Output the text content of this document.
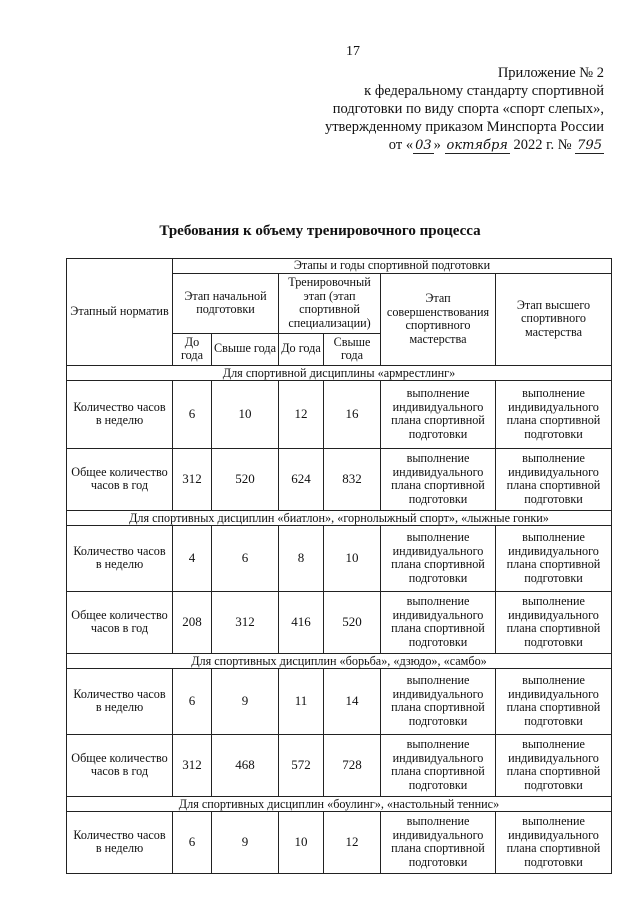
17
Приложение № 2
к федеральному стандарту спортивной
подготовки по виду спорта «спорт слепых»,
утвержденному приказом Минспорта России
от « 03 » октября 2022 г. № 795
Требования к объему тренировочного процесса
Этапный норматив	Этапы и годы спортивной подготовки					
	Этап начальной подготовки		Тренировочный этап (этап спортивной специализации)		Этап совершенствования спортивного мастерства	Этап высшего спортивного мастерства
	До года	Свыше года	До года	Свыше года		
Для спортивной дисциплины «армрестлинг»						
Количество часов в неделю	6	10	12	16	выполнение индивидуального плана спортивной подготовки	выполнение индивидуального плана спортивной подготовки
Общее количество часов в год	312	520	624	832	выполнение индивидуального плана спортивной подготовки	выполнение индивидуального плана спортивной подготовки
Для спортивных дисциплин «биатлон», «горнолыжный спорт», «лыжные гонки»						
Количество часов в неделю	4	6	8	10	выполнение индивидуального плана спортивной подготовки	выполнение индивидуального плана спортивной подготовки
Общее количество часов в год	208	312	416	520	выполнение индивидуального плана спортивной подготовки	выполнение индивидуального плана спортивной подготовки
Для спортивных дисциплин «борьба», «дзюдо», «самбо»						
Количество часов в неделю	6	9	11	14	выполнение индивидуального плана спортивной подготовки	выполнение индивидуального плана спортивной подготовки
Общее количество часов в год	312	468	572	728	выполнение индивидуального плана спортивной подготовки	выполнение индивидуального плана спортивной подготовки
Для спортивных дисциплин «боулинг», «настольный теннис»						
Количество часов в неделю	6	9	10	12	выполнение индивидуального плана спортивной подготовки	выполнение индивидуального плана спортивной подготовки
